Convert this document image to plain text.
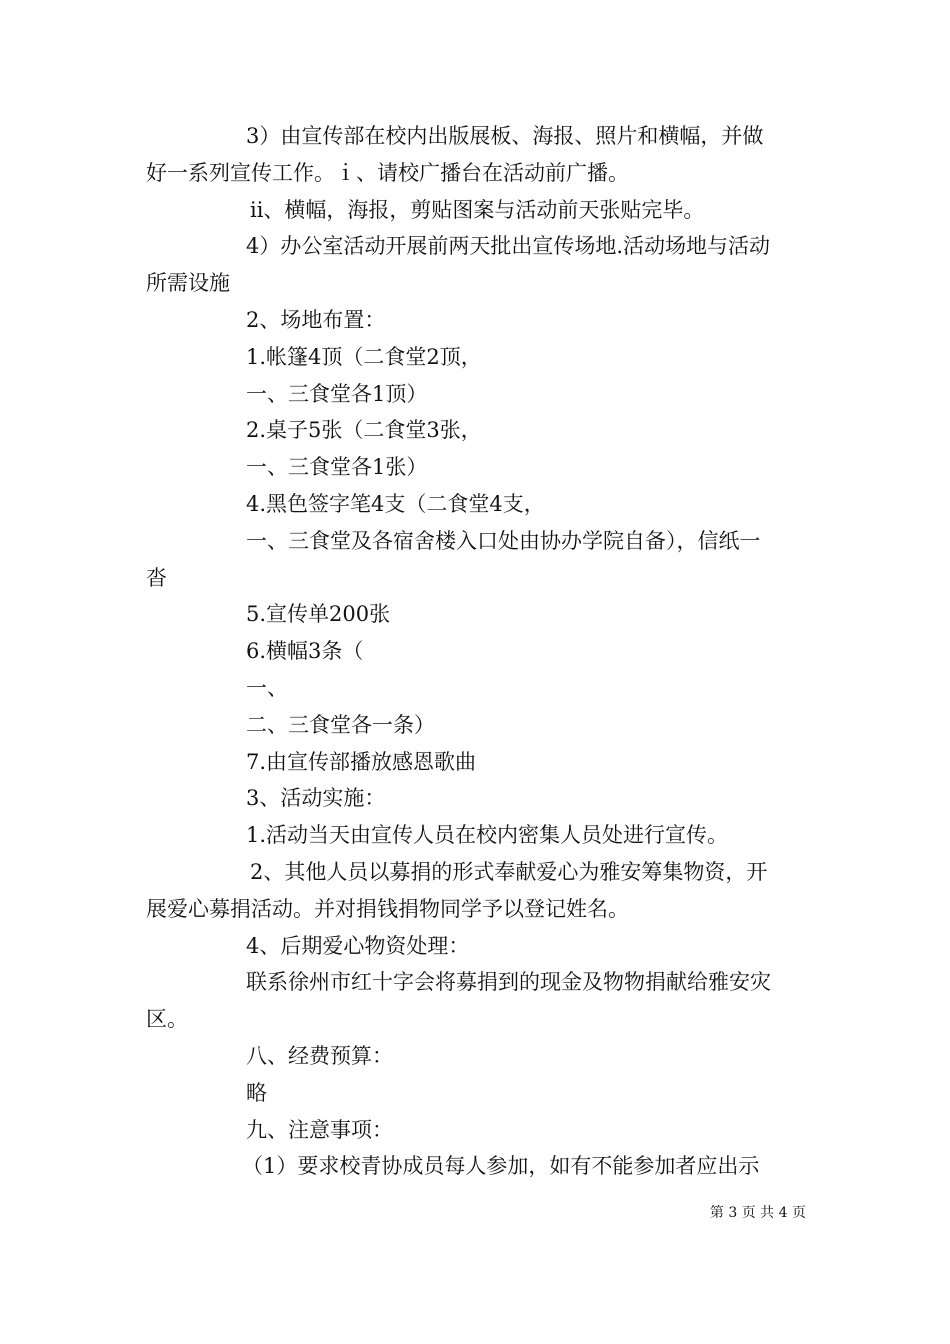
3）由宣传部在校内出版展板、海报、照片和横幅，并做
好一系列宣传工作。ｉ、请校广播台在活动前广播。
ⅱ、横幅，海报，剪贴图案与活动前天张贴完毕。
4）办公室活动开展前两天批出宣传场地.活动场地与活动
所需设施
2、场地布置：
1.帐篷4顶（二食堂2顶，
一、三食堂各1顶）
2.桌子5张（二食堂3张，
一、三食堂各1张）
4.黑色签字笔4支（二食堂4支，
一、三食堂及各宿舍楼入口处由协办学院自备），信纸一
沓
5.宣传单200张
6.横幅3条（
一、
二、三食堂各一条）
7.由宣传部播放感恩歌曲
3、活动实施：
1.活动当天由宣传人员在校内密集人员处进行宣传。
2、其他人员以募捐的形式奉献爱心为雅安筹集物资，开
展爱心募捐活动。并对捐钱捐物同学予以登记姓名。
4、后期爱心物资处理：
联系徐州市红十字会将募捐到的现金及物物捐献给雅安灾
区。
八、经费预算：
略
九、注意事项：
（1）要求校青协成员每人参加，如有不能参加者应出示
第 3 页 共 4 页
